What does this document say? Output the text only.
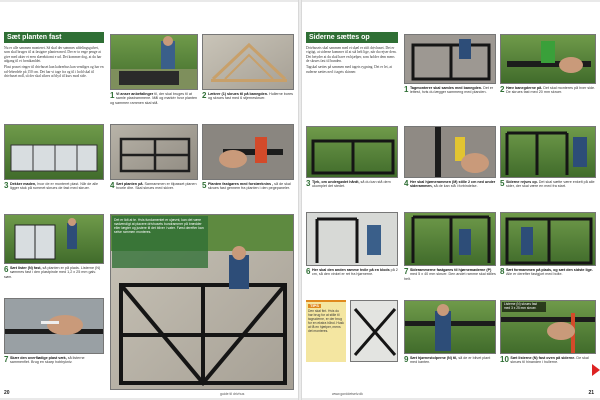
Sæt planten fast

Nu er alle sammen monteret. Så skal der sømmes afdelingsgulvet, som skal bruges til at fastgøre planten med. Der er to enge penge at give med akter et eren slærektiomt e ud. Det kommer dog, at du har adgang til et fornikanldet.

Plast pruset ringer til drivhuset kan kabrerhus kan vendiges og har en ral-leberdele på 150 cm. Det har vi tage fra og til i hold skal til drivhuset mdl, så der skal sikres at blyd til kurs mod side.

1 Vi anser anbefalinger til, der skal bruges til at samle plastrammene. Mål og markér hvor planten og sammen rammen skal stå.
2 Lækrer (1) skrues til på banegden. Hullerne bores og skrues fast med 6 stjerneskruer.
3 Dekker maden, hvor de er monteret plast. Når de alle ligger stuk på rummet skrues de fast med skruer.	4 Sæt planten på. Samrammen er tilpasset planen hvorle dhe. Skal skrues med skiver.	5 Planten fastgøres med forstærknins , så de skal skrues fast gennem fra planten i den pegepaneler.
6 Sæt lister (N) fast, så planten er på plads. Listerne (N) sømmes fast i den plastpinde med 1,2 x 25 mm galv. søm.
Det er lidt at te. Hvis fundamentet er ujævnt, kan det være nødvendigt at placere drivhusets bundrammer på brædder eller lægter og justere til det bliver i vater. Først derefter kan selve rammen monteres.
7 Skær den overflødige plast væk, så listerne sammenflet. Brug en skarp hobbykniv.
20	guide til drivhus
Siderne sættes op

Drivhusets skal sammen med et skæl er stift drivhuset. Det er vigtigt, at siderne kommer til at stå helt lige, når du rejser dem. Det betyder at du skal have en hjælper, som holder dem mens de skrues fast til bunden.

Tagskal sættes på sammen med tagets rygning. Det er let, at ruderne sættes ned i tagets skinner.

1 Tagmonterer skal samles med banegden. Det er lettest, hvis du lægger sammeng med planden.	2 Hæv banegderne på. Det skal monteres på hver side. De skrues fast med 20 mm skruer.
3 Tjek, om undergødet hårdt, så du kan stå dem ukomplet det stedet.	4 Her skal hjørnerammen (M) stille 2 cm ned under siderammen, så de kan stå i forbindelse.	5 Siderne rejses op. Det skal sætte være enkelt på alle sider, der skal være en med fra start.
6 Her skal den anden ramme hvile på en klods på 2 cm, så den vinkel er ret fra hjørnerne.	7 Siderammerne fastgøres til hjørnemøderne (P) med 5 x 40 mm skruer. Den andet ramme skal stilles helt.
8 Sæt formammen på plads, og sæt den sidste lige. Alle er derefter fastgjort med bolte.
TIPS
Den skal fint. Hvis du har brug for at stille til tagruderne, er der brug for en ekstra hånd. Husk at få en hjælper, mens det monteres.
9 Sæt hjørnestolperne (N) til, så de er blivet plant med kanten.
Listerne (N) skrues fast med 3 x 25 mm skruer.
10 Sæt listerne (N) fast oven på siderne. De skal skrues til hinanden i hullerne.
www.gorddetselv.dk	21
